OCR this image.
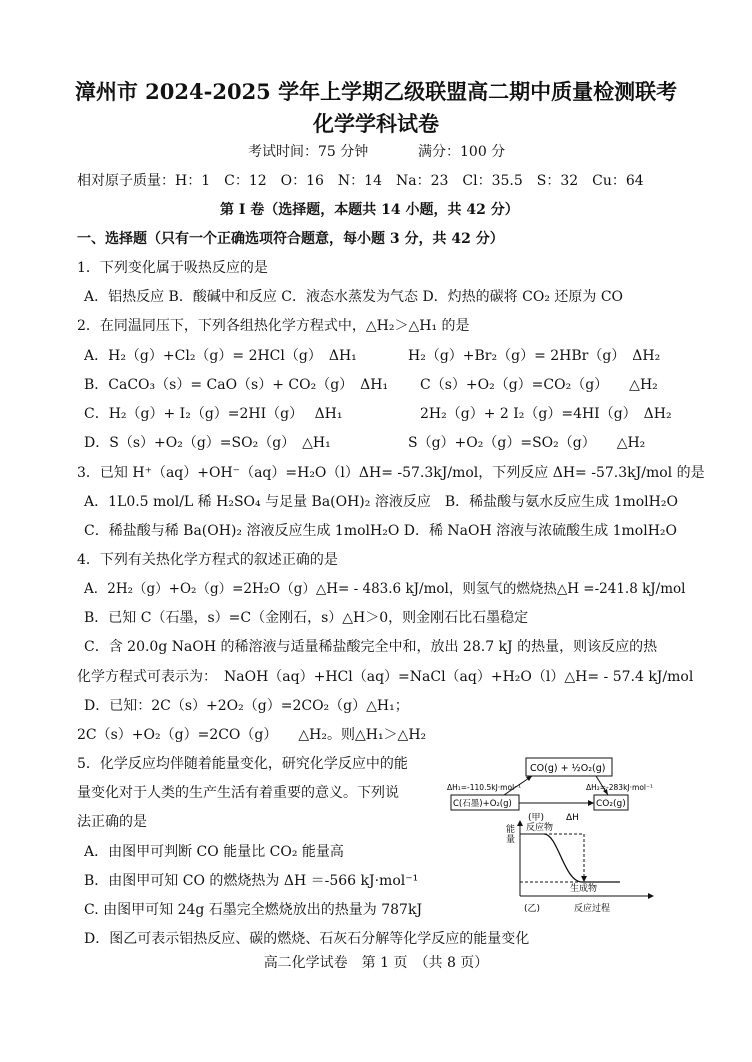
漳州市 2024-2025 学年上学期乙级联盟高二期中质量检测联考
化学学科试卷
考试时间：75 分钟	满分：100 分
相对原子质量：H：1　C：12　O：16　N：14　Na：23　Cl：35.5　S：32　Cu：64
第 I 卷（选择题，本题共 14 小题，共 42 分）
一、选择题（只有一个正确选项符合题意，每小题 3 分，共 42 分）
1．下列变化属于吸热反应的是
A．铝热反应 B．酸碱中和反应 C．液态水蒸发为气态 D．灼热的碳将 CO₂ 还原为 CO
2．在同温同压下，下列各组热化学方程式中，△H₂＞△H₁ 的是
A．H₂（g）+Cl₂（g）= 2HCl（g）　ΔH₁	H₂（g）+Br₂（g）= 2HBr（g）　ΔH₂
B．CaCO₃（s）= CaO（s）+ CO₂（g）　ΔH₁ C（s）+O₂（g）=CO₂（g）　　△H₂
C．H₂（g）+ I₂（g）=2HI（g）　 ΔH₁	2H₂（g）+ 2 I₂（g）=4HI（g）　ΔH₂
D．S（s）+O₂（g）=SO₂（g）　△H₁	S（g）+O₂（g）=SO₂（g）　　△H₂
3．已知 H⁺（aq）+OH⁻（aq）=H₂O（l）ΔH= -57.3kJ/mol，下列反应 ΔH= -57.3kJ/mol 的是
A．1L0.5 mol/L 稀 H₂SO₄ 与足量 Ba(OH)₂ 溶液反应　B．稀盐酸与氨水反应生成 1molH₂O
C．稀盐酸与稀 Ba(OH)₂ 溶液反应生成 1molH₂O D．稀 NaOH 溶液与浓硫酸生成 1molH₂O
4．下列有关热化学方程式的叙述正确的是
A．2H₂（g）+O₂（g）=2H₂O（g）△H= - 483.6 kJ/mol，则氢气的燃烧热△H =-241.8 kJ/mol
B．已知 C（石墨，s）=C（金刚石，s）△H＞0，则金刚石比石墨稳定
C．含 20.0g NaOH 的稀溶液与适量稀盐酸完全中和，放出 28.7 kJ 的热量，则该反应的热
化学方程式可表示为：　NaOH（aq）+HCl（aq）=NaCl（aq）+H₂O（l）△H= - 57.4 kJ/mol
D．已知：2C（s）+2O₂（g）=2CO₂（g）△H₁；
2C（s）+O₂（g）=2CO（g）　　△H₂。则△H₁＞△H₂
5．化学反应均伴随着能量变化，研究化学反应中的能
量变化对于人类的生产生活有着重要的意义。下列说
法正确的是
A．由图甲可判断 CO 能量比 CO₂ 能量高
B．由图甲可知 CO 的燃烧热为 ΔH ＝-566 kJ·mol⁻¹
C. 由图甲可知 24g 石墨完全燃烧放出的热量为 787kJ
D．图乙可表示铝热反应、碳的燃烧、石灰石分解等化学反应的能量变化
CO(g) + ½O₂(g)
C(石墨)+O₂(g)	CO₂(g)
ΔH₁=-110.5kJ·mol⁻¹	ΔH₂=-283kJ·mol⁻¹
(甲) ΔH
能
量
反应物
生成物
(乙)	反应过程
高二化学试卷　第 1 页　（共 8 页）
